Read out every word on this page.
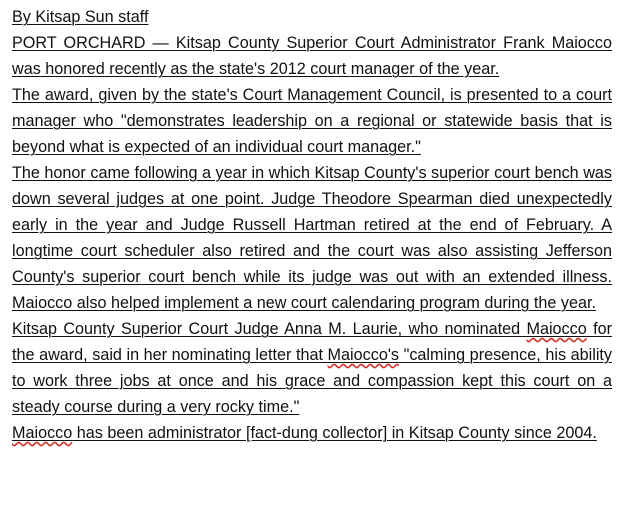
By Kitsap Sun staff

PORT ORCHARD — Kitsap County Superior Court Administrator Frank Maiocco was honored recently as the state's 2012 court manager of the year.

The award, given by the state's Court Management Council, is presented to a court manager who "demonstrates leadership on a regional or statewide basis that is beyond what is expected of an individual court manager."

The honor came following a year in which Kitsap County's superior court bench was down several judges at one point. Judge Theodore Spearman died unexpectedly early in the year and Judge Russell Hartman retired at the end of February. A longtime court scheduler also retired and the court was also assisting Jefferson County's superior court bench while its judge was out with an extended illness. Maiocco also helped implement a new court calendaring program during the year.

Kitsap County Superior Court Judge Anna M. Laurie, who nominated Maiocco for the award, said in her nominating letter that Maiocco's "calming presence, his ability to work three jobs at once and his grace and compassion kept this court on a steady course during a very rocky time."

Maiocco has been administrator [fact-dung collector] in Kitsap County since 2004.
